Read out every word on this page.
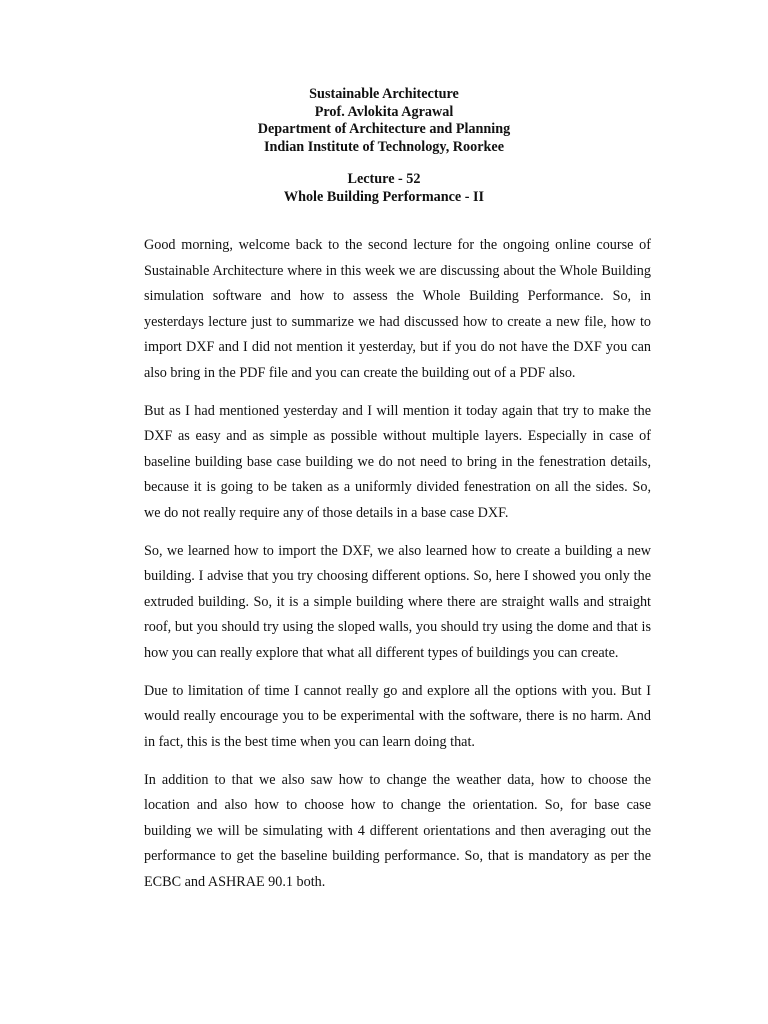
Sustainable Architecture
Prof. Avlokita Agrawal
Department of Architecture and Planning
Indian Institute of Technology, Roorkee
Lecture - 52
Whole Building Performance - II

Good morning, welcome back to the second lecture for the ongoing online course of Sustainable Architecture where in this week we are discussing about the Whole Building simulation software and how to assess the Whole Building Performance. So, in yesterdays lecture just to summarize we had discussed how to create a new file, how to import DXF and I did not mention it yesterday, but if you do not have the DXF you can also bring in the PDF file and you can create the building out of a PDF also.

But as I had mentioned yesterday and I will mention it today again that try to make the DXF as easy and as simple as possible without multiple layers. Especially in case of baseline building base case building we do not need to bring in the fenestration details, because it is going to be taken as a uniformly divided fenestration on all the sides. So, we do not really require any of those details in a base case DXF.

So, we learned how to import the DXF, we also learned how to create a building a new building. I advise that you try choosing different options. So, here I showed you only the extruded building. So, it is a simple building where there are straight walls and straight roof, but you should try using the sloped walls, you should try using the dome and that is how you can really explore that what all different types of buildings you can create.

Due to limitation of time I cannot really go and explore all the options with you. But I would really encourage you to be experimental with the software, there is no harm. And in fact, this is the best time when you can learn doing that.

In addition to that we also saw how to change the weather data, how to choose the location and also how to choose how to change the orientation. So, for base case building we will be simulating with 4 different orientations and then averaging out the performance to get the baseline building performance. So, that is mandatory as per the ECBC and ASHRAE 90.1 both.
